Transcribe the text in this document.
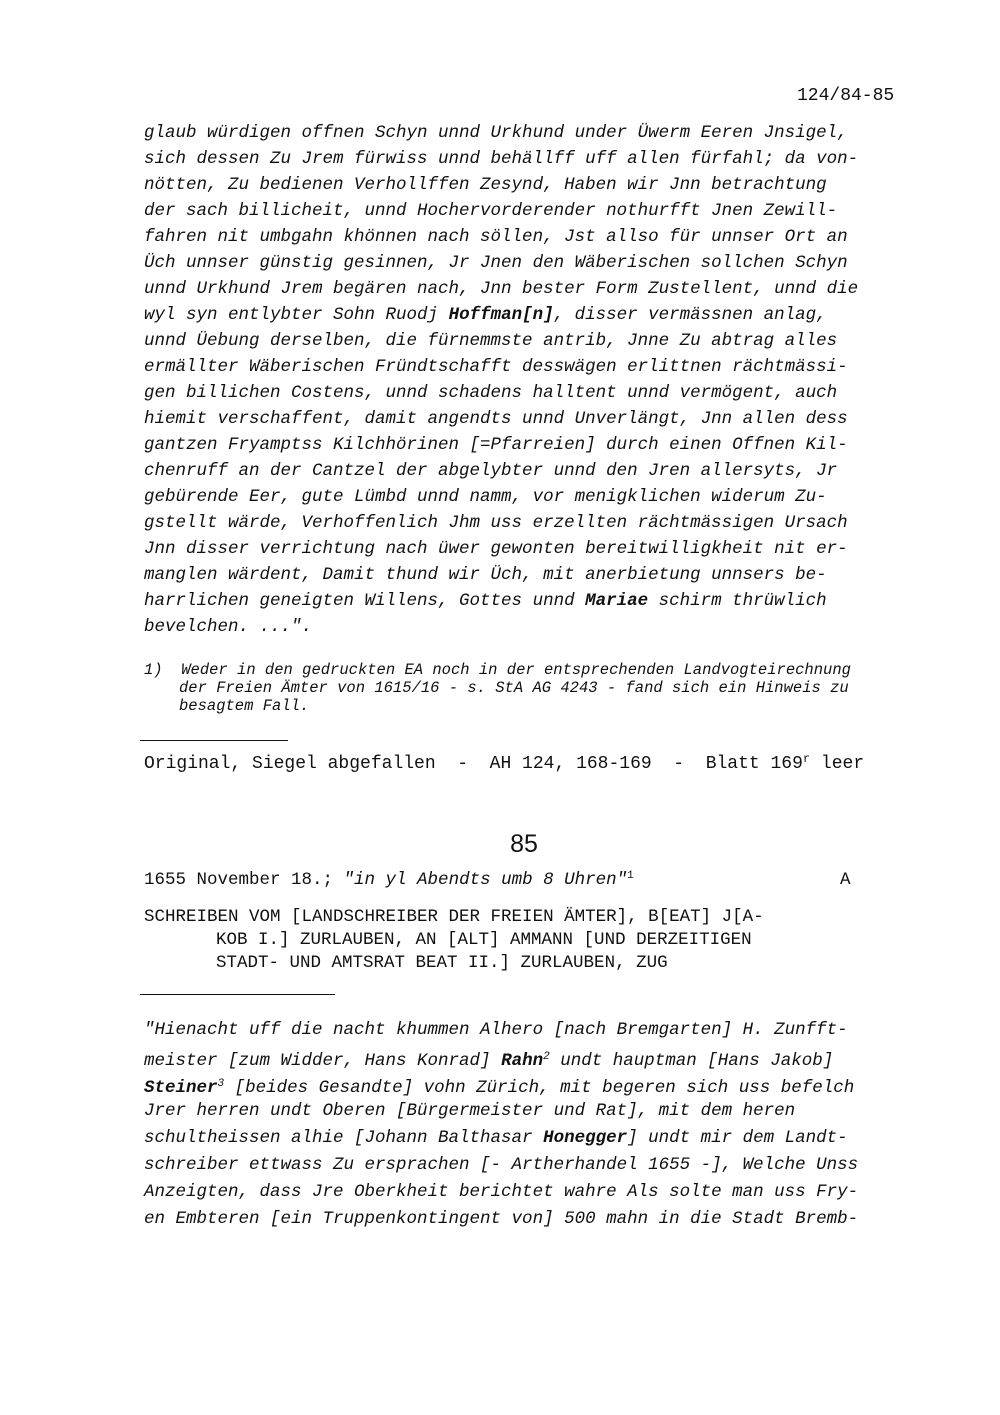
124/84-85
glaub würdigen offnen Schyn unnd Urkhund under Üwerm Eeren Jnsigel,
sich dessen Zu Jrem fürwiss unnd behällff uff allen fürfahl; da von-
nötten, Zu bedienen Verhollffen Zesynd, Haben wir Jnn betrachtung
der sach billicheit, unnd Hochervorderender nothurfft Jnen Zewill-
fahren nit umbgahn khönnen nach söllen, Jst allso für unnser Ort an
Üch unnser günstig gesinnen, Jr Jnen den Wäberischen sollchen Schyn
unnd Urkhund Jrem begären nach, Jnn bester Form Zustellent, unnd die
wyl syn entlybter Sohn Ruodj Hoffman[n], disser vermässnen anlag,
unnd Üebung derselben, die fürnemmste antrib, Jnne Zu abtrag alles
ermällter Wäberischen Fründtschafft desswägen erlittnen rächtmässi-
gen billichen Costens, unnd schadens halltent unnd vermögent, auch
hiemit verschaffent, damit angendts unnd Unverlängt, Jnn allen dess
gantzen Fryamptss Kilchhörinen [=Pfarreien] durch einen Offnen Kil-
chenruff an der Cantzel der abgelybter unnd den Jren allersyts, Jr
gebürende Eer, gute Lümbd unnd namm, vor menigklichen widerum Zu-
gstellt wärde, Verhoffenlich Jhm uss erzellten rächtmässigen Ursach
Jnn disser verrichtung nach üwer gewonten bereitwilligkheit nit er-
manglen wärdent, Damit thund wir Üch, mit anerbietung unnsers be-
harrlichen geneigten Willens, Gottes unnd Mariae schirm thrüwlich
bevelchen. ...".
1) Weder in den gedruckten EA noch in der entsprechenden Landvogteirechnung
der Freien Ämter von 1615/16 - s. StA AG 4243 - fand sich ein Hinweis zu
besagtem Fall.
Original, Siegel abgefallen  -  AH 124, 168-169  -  Blatt 169$^r$ leer
85
1655 November 18.; "in yl Abendts umb 8 Uhren"$^1$	A
SCHREIBEN VOM [LANDSCHREIBER DER FREIEN ÄMTER], B[EAT] J[A-
KOB I.] ZURLAUBEN, AN [ALT] AMMANN [UND DERZEITIGEN
STADT- UND AMTSRAT BEAT II.] ZURLAUBEN, ZUG
"Hienacht uff die nacht khummen Alhero [nach Bremgarten] H. Zunfft-
meister [zum Widder, Hans Konrad] Rahn$^2$ undt hauptman [Hans Jakob]
Steiner$^3$ [beides Gesandte] vohn Zürich, mit begeren sich uss befelch
Jrer herren undt Oberen [Bürgermeister und Rat], mit dem heren
schultheissen alhie [Johann Balthasar Honegger] undt mir dem Landt-
schreiber ettwass Zu ersprachen [- Artherhandel 1655 -], Welche Unss
Anzeigten, dass Jre Oberkheit berichtet wahre Als solte man uss Fry-
en Embteren [ein Truppenkontingent von] 500 mahn in die Stadt Bremb-
